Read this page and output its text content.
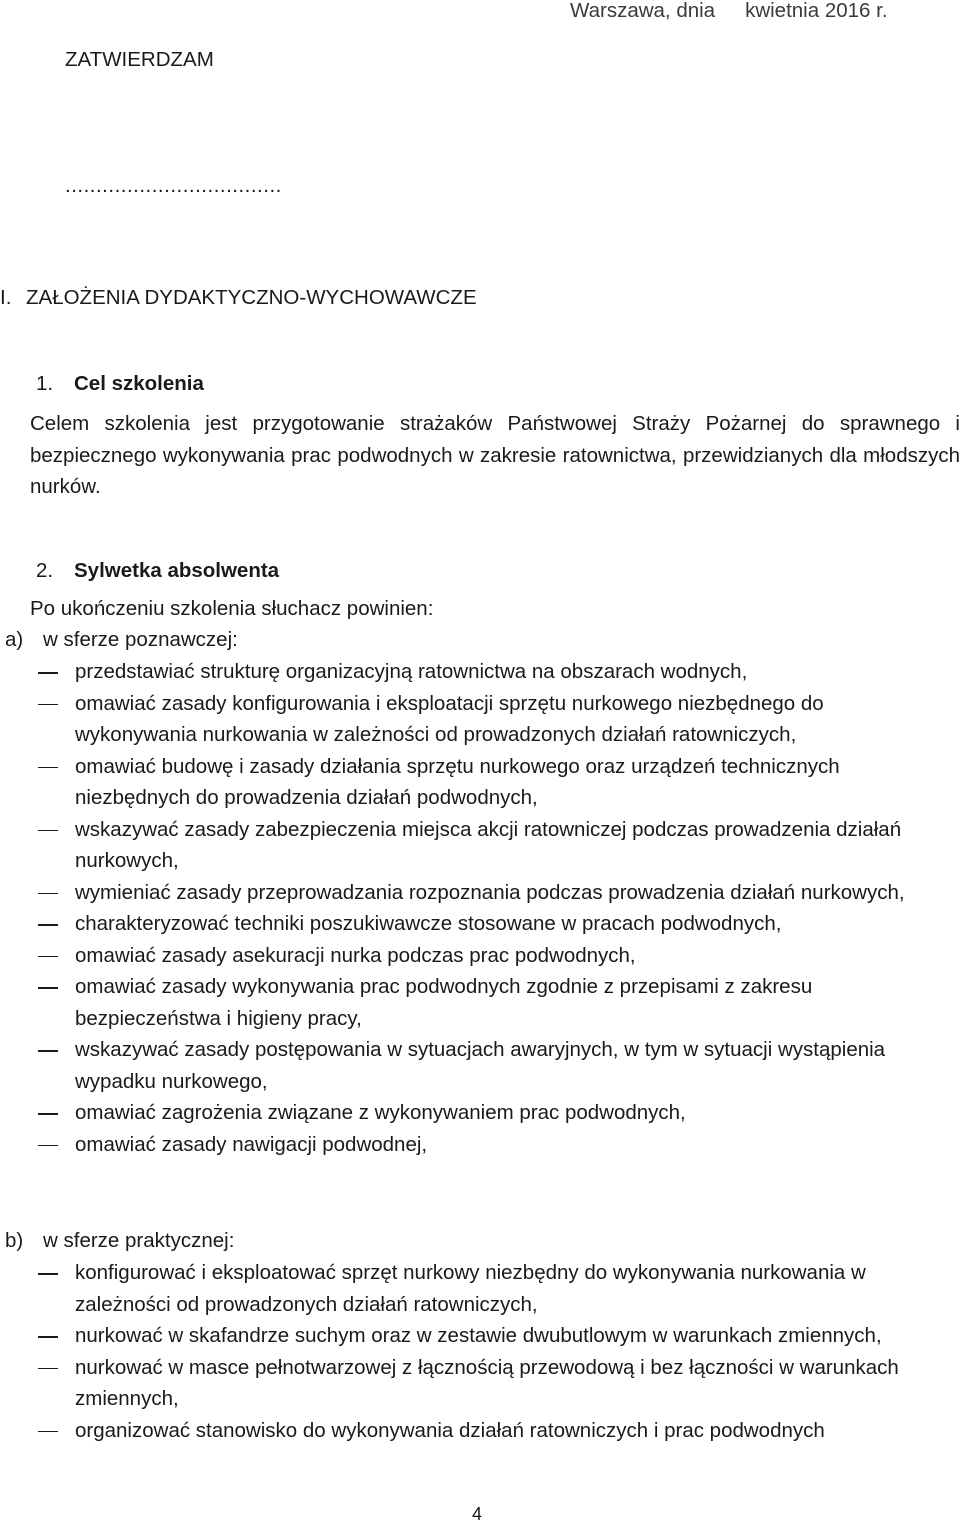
Warszawa, dnia kwietnia 2016 r.
ZATWIERDZAM
...................................
I. ZAŁOŻENIA DYDAKTYCZNO-WYCHOWAWCZE
1. Cel szkolenia
Celem szkolenia jest przygotowanie strażaków Państwowej Straży Pożarnej do sprawnego i bezpiecznego wykonywania prac podwodnych w zakresie ratownictwa, przewidzianych dla młodszych nurków.
2. Sylwetka absolwenta
Po ukończeniu szkolenia słuchacz powinien:
a) w sferze poznawczej:
przedstawiać strukturę organizacyjną ratownictwa na obszarach wodnych,
omawiać zasady konfigurowania i eksploatacji sprzętu nurkowego niezbędnego do wykonywania nurkowania w zależności od prowadzonych działań ratowniczych,
omawiać budowę i zasady działania sprzętu nurkowego oraz urządzeń technicznych niezbędnych do prowadzenia działań podwodnych,
wskazywać zasady zabezpieczenia miejsca akcji ratowniczej podczas prowadzenia działań nurkowych,
wymieniać zasady przeprowadzania rozpoznania podczas prowadzenia działań nurkowych,
charakteryzować techniki poszukiwawcze stosowane w pracach podwodnych,
omawiać zasady asekuracji nurka podczas prac podwodnych,
omawiać zasady wykonywania prac podwodnych zgodnie z przepisami z zakresu bezpieczeństwa i higieny pracy,
wskazywać zasady postępowania w sytuacjach awaryjnych, w tym w sytuacji wystąpienia wypadku nurkowego,
omawiać zagrożenia związane z wykonywaniem prac podwodnych,
omawiać zasady nawigacji podwodnej,
b) w sferze praktycznej:
konfigurować i eksploatować sprzęt nurkowy niezbędny do wykonywania nurkowania w zależności od prowadzonych działań ratowniczych,
nurkować w skafandrze suchym oraz w zestawie dwubutlowym w warunkach zmiennych,
nurkować w masce pełnotwarzowej z łącznością przewodową i bez łączności w warunkach zmiennych,
organizować stanowisko do wykonywania działań ratowniczych i prac podwodnych
4
